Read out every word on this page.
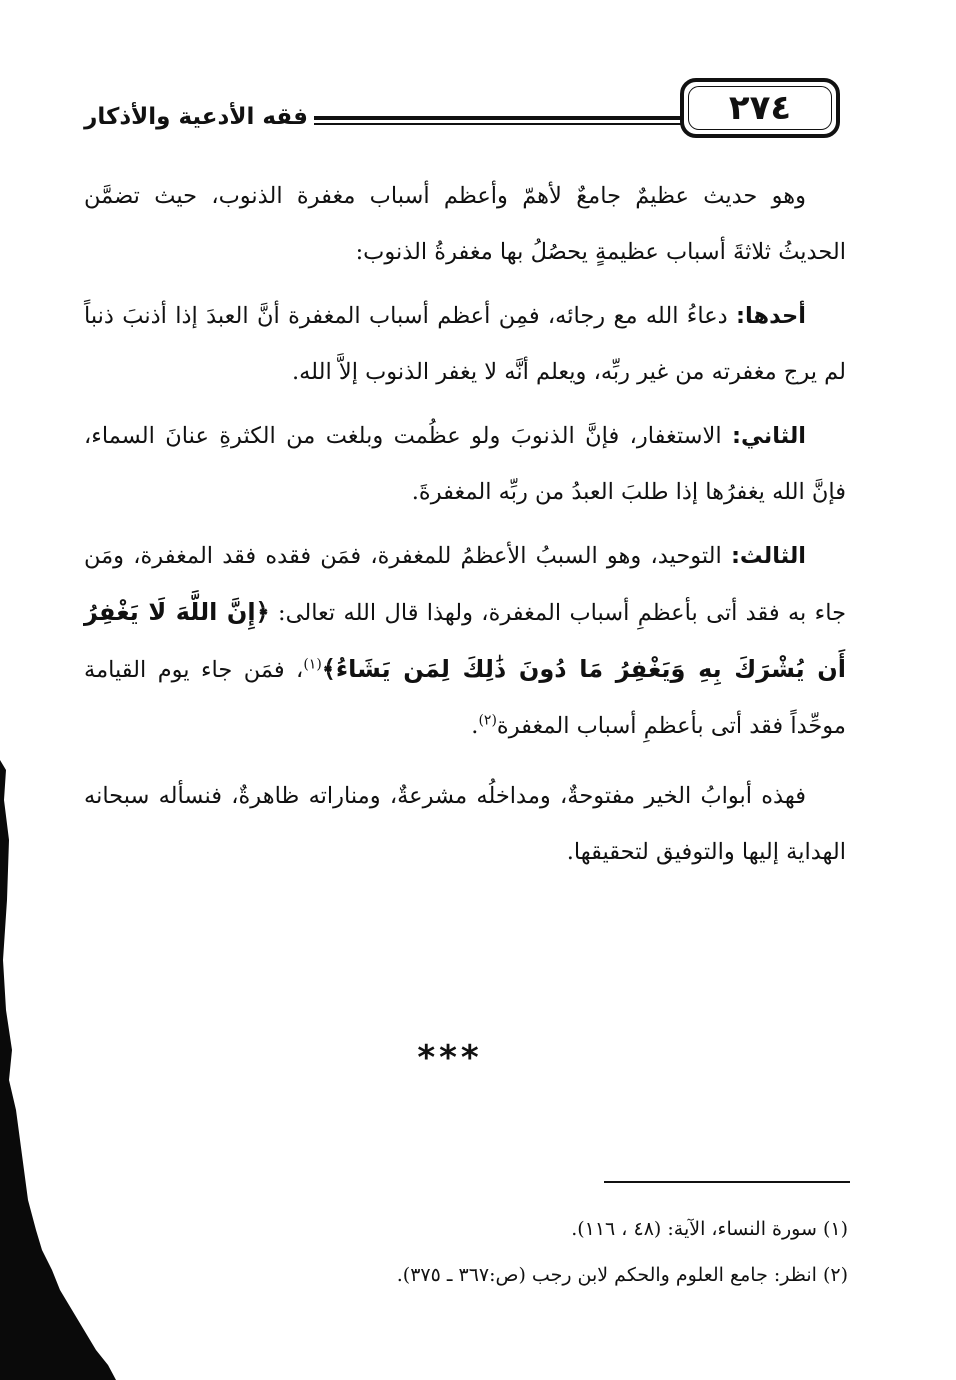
فقه الأدعية والأذكار	٢٧٤

وهو حديث عظيمٌ جامعٌ لأهمّ وأعظم أسباب مغفرة الذنوب، حيث تضمَّن الحديثُ ثلاثةَ أسباب عظيمةٍ يحصُلُ بها مغفرةُ الذنوب:

أحدها: دعاءُ الله مع رجائه، فمِن أعظم أسباب المغفرة أنَّ العبدَ إذا أذنبَ ذنباً لم يرج مغفرته من غير ربِّه، ويعلم أنَّه لا يغفر الذنوب إلاَّ الله.

الثاني: الاستغفار، فإنَّ الذنوبَ ولو عظُمت وبلغت من الكثرةِ عنانَ السماء، فإنَّ الله يغفرُها إذا طلبَ العبدُ من ربِّه المغفرةَ.

الثالث: التوحيد، وهو السببُ الأعظمُ للمغفرة، فمَن فقده فقد المغفرة، ومَن جاء به فقد أتى بأعظمِ أسباب المغفرة، ولهذا قال الله تعالى: ﴿إِنَّ اللَّهَ لَا يَغْفِرُ أَن يُشْرَكَ بِهِ وَيَغْفِرُ مَا دُونَ ذَٰلِكَ لِمَن يَشَاءُ﴾$^{(١)}$، فمَن جاء يوم القيامة موحِّداً فقد أتى بأعظمِ أسباب المغفرة$^{(٢)}$.

فهذه أبوابُ الخير مفتوحةٌ، ومداخلُه مشرعةٌ، ومناراته ظاهرةٌ، فنسأله سبحانه الهداية إليها والتوفيق لتحقيقها.

***
(١) سورة النساء، الآية: (٤٨ ، ١١٦).
(٢) انظر: جامع العلوم والحكم لابن رجب (ص:٣٦٧ ـ ٣٧٥).
